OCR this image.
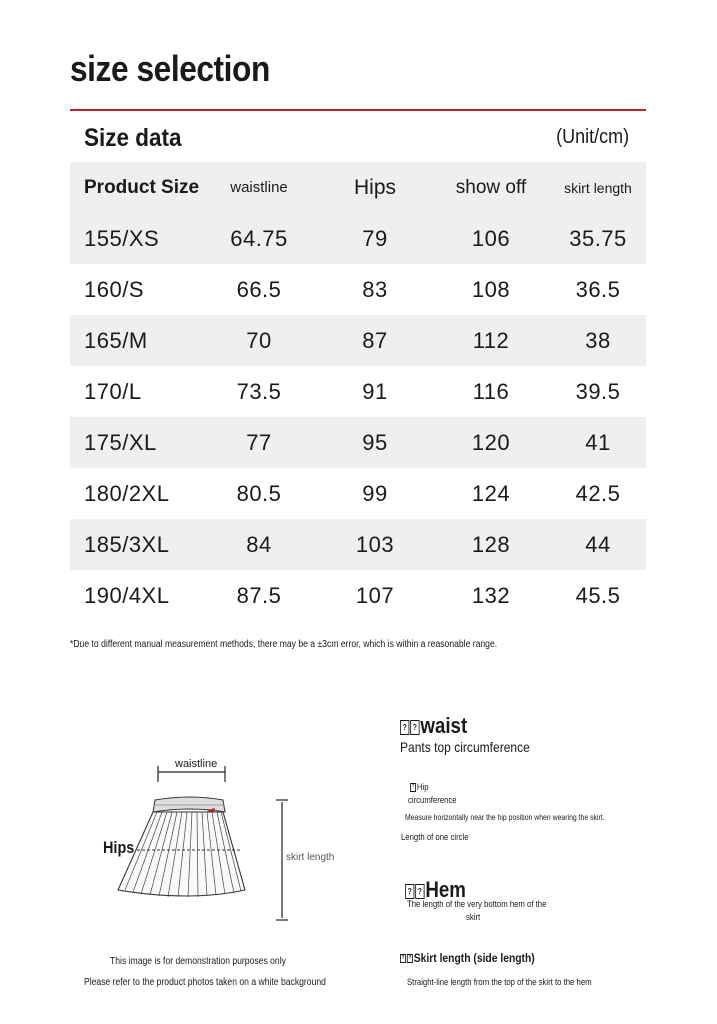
size selection
Size data	(Unit/cm)
Product Size	waistline	Hips	show off	skirt length
155/XS	64.75	79	106	35.75
160/S	66.5	83	108	36.5
165/M	70	87	112	38
170/L	73.5	91	116	39.5
175/XL	77	95	120	41
180/2XL	80.5	99	124	42.5
185/3XL	84	103	128	44
190/4XL	87.5	107	132	45.5
*Due to different manual measurement methods, there may be a ±3cm error, which is within a reasonable range.
waistline
Hips
skirt length
This image is for demonstration purposes only
Please refer to the product photos taken on a white background
? ? waist
Pants top circumference
? Hip
circumference
Measure horizontally near the hip position when wearing the skirt.
Length of one circle
? ? Hem
The length of the very bottom hem of the
skirt
? ? Skirt length (side length)
Straight-line length from the top of the skirt to the hem
